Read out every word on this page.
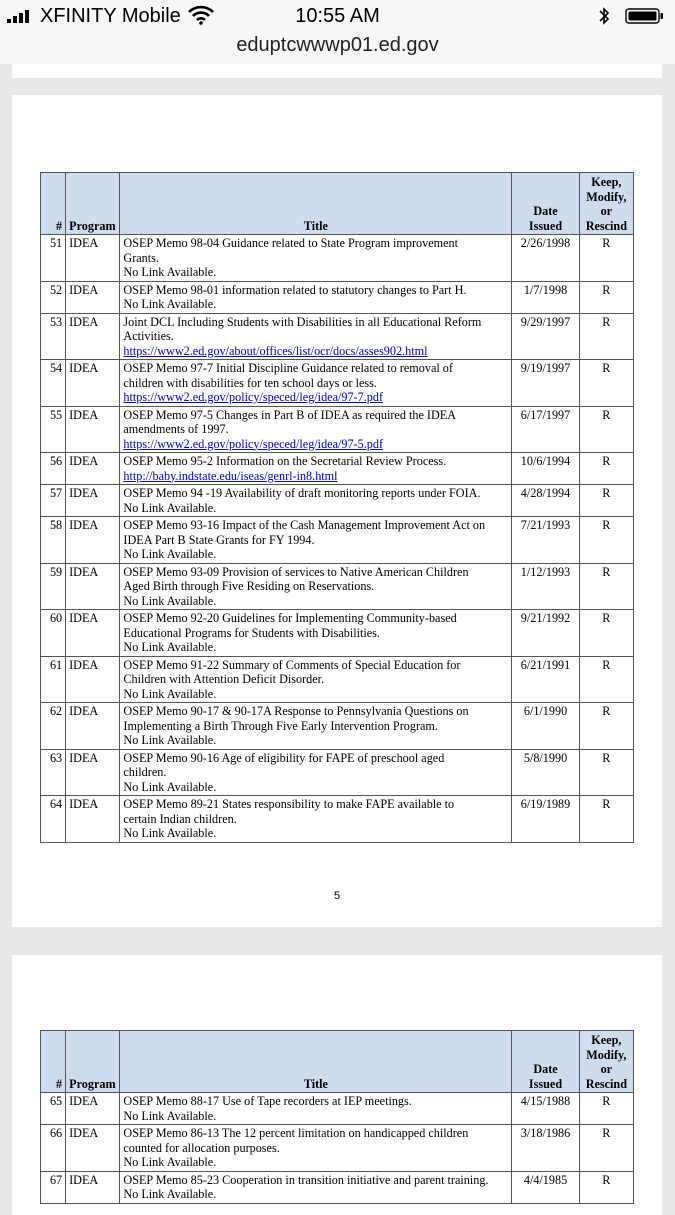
XFINITY Mobile	10:55 AM
eduptcwwwp01.ed.gov
#	Program	Title	Date Issued	Keep,
Modify,
or
Rescind

51	IDEA	OSEP Memo 98-04 Guidance related to State Program improvement
Grants.
No Link Available.	2/26/1998	R
52	IDEA	OSEP Memo 98-01 information related to statutory changes to Part H.
No Link Available.	1/7/1998	R
53	IDEA	Joint DCL Including Students with Disabilities in all Educational Reform
Activities.
https://www2.ed.gov/about/offices/list/ocr/docs/asses902.html	9/29/1997	R
54	IDEA	OSEP Memo 97-7 Initial Discipline Guidance related to removal of
children with disabilities for ten school days or less.
https://www2.ed.gov/policy/speced/leg/idea/97-7.pdf	9/19/1997	R
55	IDEA	OSEP Memo 97-5 Changes in Part B of IDEA as required the IDEA
amendments of 1997.
https://www2.ed.gov/policy/speced/leg/idea/97-5.pdf	6/17/1997	R
56	IDEA	OSEP Memo 95-2 Information on the Secretarial Review Process.
http://baby.indstate.edu/iseas/genrl-in8.html	10/6/1994	R
57	IDEA	OSEP Memo 94 -19 Availability of draft monitoring reports under FOIA.
No Link Available.	4/28/1994	R
58	IDEA	OSEP Memo 93-16 Impact of the Cash Management Improvement Act on
IDEA Part B State Grants for FY 1994.
No Link Available.	7/21/1993	R
59	IDEA	OSEP Memo 93-09 Provision of services to Native American Children
Aged Birth through Five Residing on Reservations.
No Link Available.	1/12/1993	R
60	IDEA	OSEP Memo 92-20 Guidelines for Implementing Community-based
Educational Programs for Students with Disabilities.
No Link Available.	9/21/1992	R
61	IDEA	OSEP Memo 91-22 Summary of Comments of Special Education for
Children with Attention Deficit Disorder.
No Link Available.	6/21/1991	R
62	IDEA	OSEP Memo 90-17 & 90-17A Response to Pennsylvania Questions on
Implementing a Birth Through Five Early Intervention Program.
No Link Available.	6/1/1990	R
63	IDEA	OSEP Memo 90-16 Age of eligibility for FAPE of preschool aged
children.
No Link Available.	5/8/1990	R
64	IDEA	OSEP Memo 89-21 States responsibility to make FAPE available to
certain Indian children.
No Link Available.	6/19/1989	R
5
#	Program	Title	Date Issued	Keep,
Modify,
or
Rescind

65	IDEA	OSEP Memo 88-17 Use of Tape recorders at IEP meetings.
No Link Available.	4/15/1988	R
66	IDEA	OSEP Memo 86-13 The 12 percent limitation on handicapped children
counted for allocation purposes.
No Link Available.	3/18/1986	R
67	IDEA	OSEP Memo 85-23 Cooperation in transition initiative and parent training.
No Link Available.	4/4/1985	R
